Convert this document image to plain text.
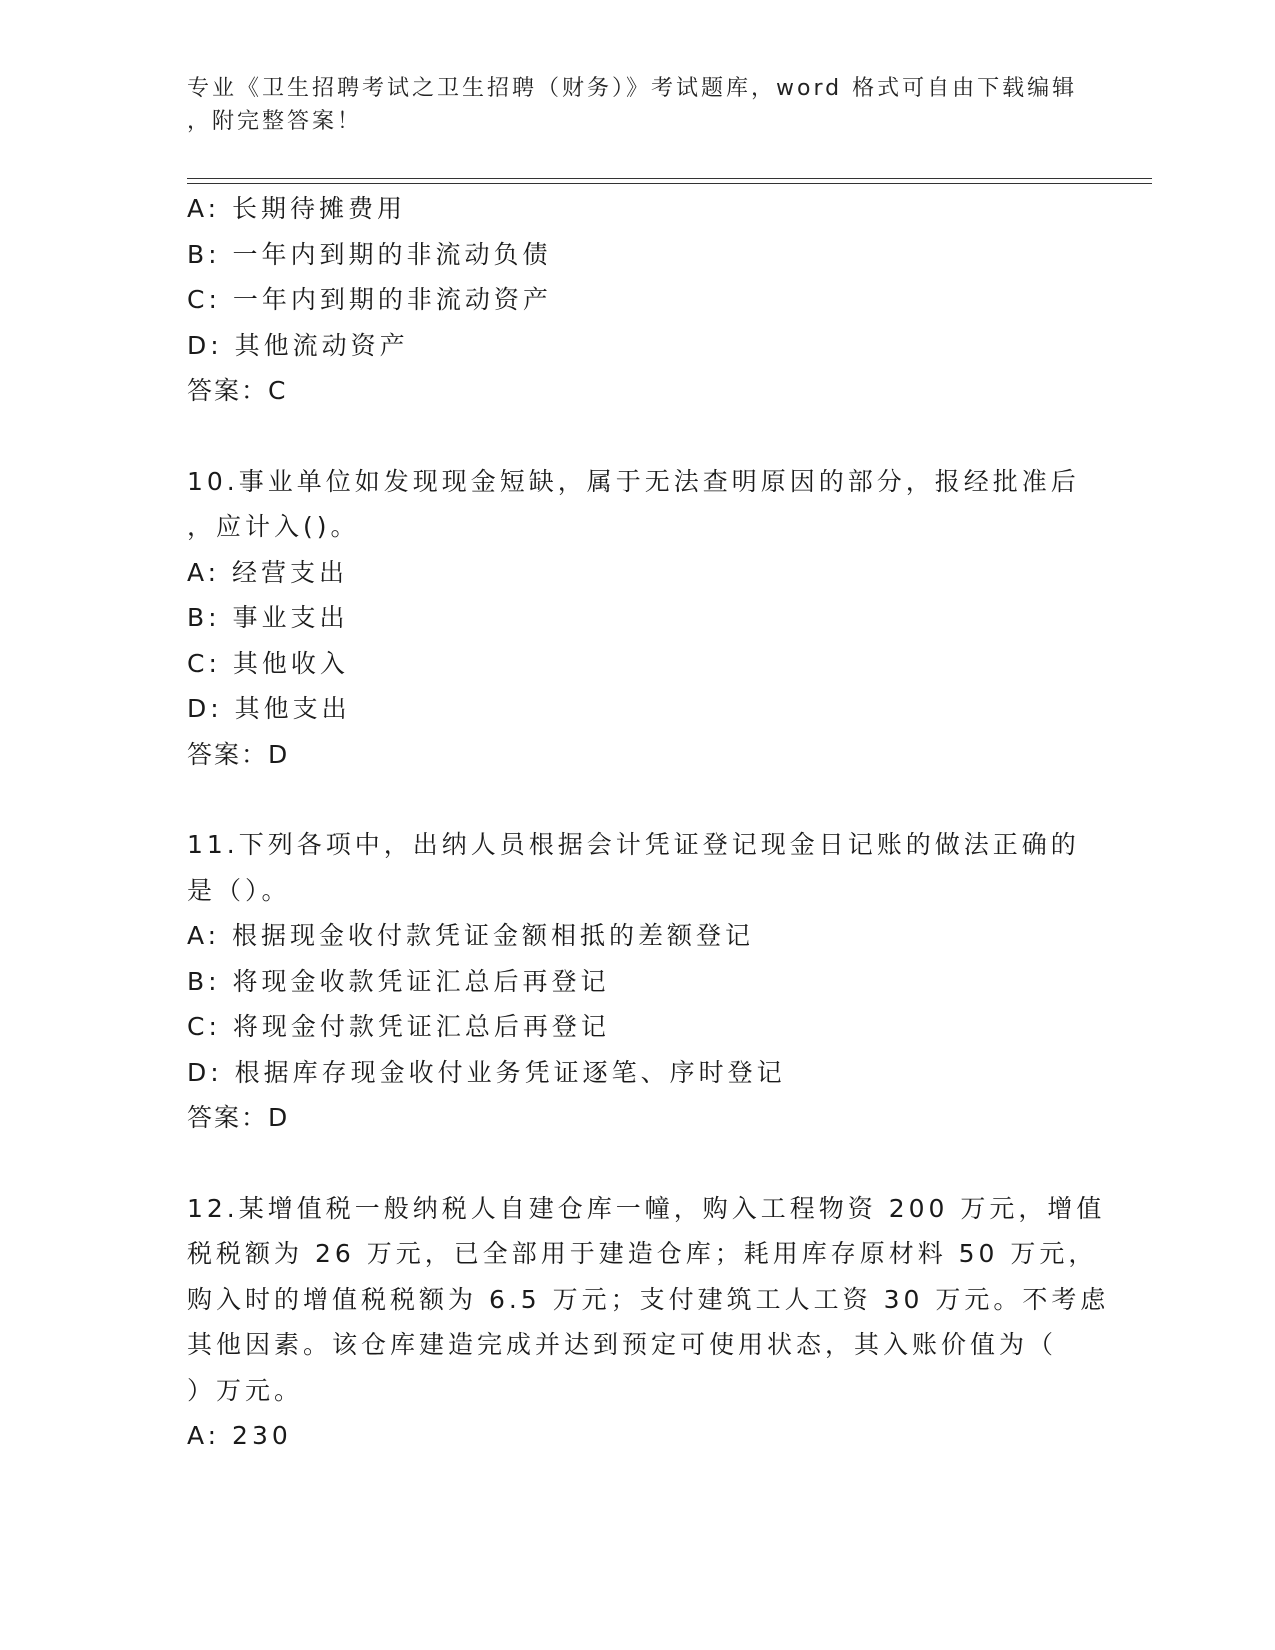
专业《卫生招聘考试之卫生招聘（财务）》考试题库，word 格式可自由下载编辑
，附完整答案！
A: 长期待摊费用
B: 一年内到期的非流动负债
C: 一年内到期的非流动资产
D: 其他流动资产
答案：C
10.事业单位如发现现金短缺，属于无法查明原因的部分，报经批准后
，应计入()。
A: 经营支出
B: 事业支出
C: 其他收入
D: 其他支出
答案：D
11.下列各项中，出纳人员根据会计凭证登记现金日记账的做法正确的
是（）。
A: 根据现金收付款凭证金额相抵的差额登记
B: 将现金收款凭证汇总后再登记
C: 将现金付款凭证汇总后再登记
D: 根据库存现金收付业务凭证逐笔、序时登记
答案：D
12.某增值税一般纳税人自建仓库一幢，购入工程物资 200 万元，增值
税税额为 26 万元，已全部用于建造仓库；耗用库存原材料 50 万元，
购入时的增值税税额为 6.5 万元；支付建筑工人工资 30 万元。不考虑
其他因素。该仓库建造完成并达到预定可使用状态，其入账价值为（
）万元。
A: 230
